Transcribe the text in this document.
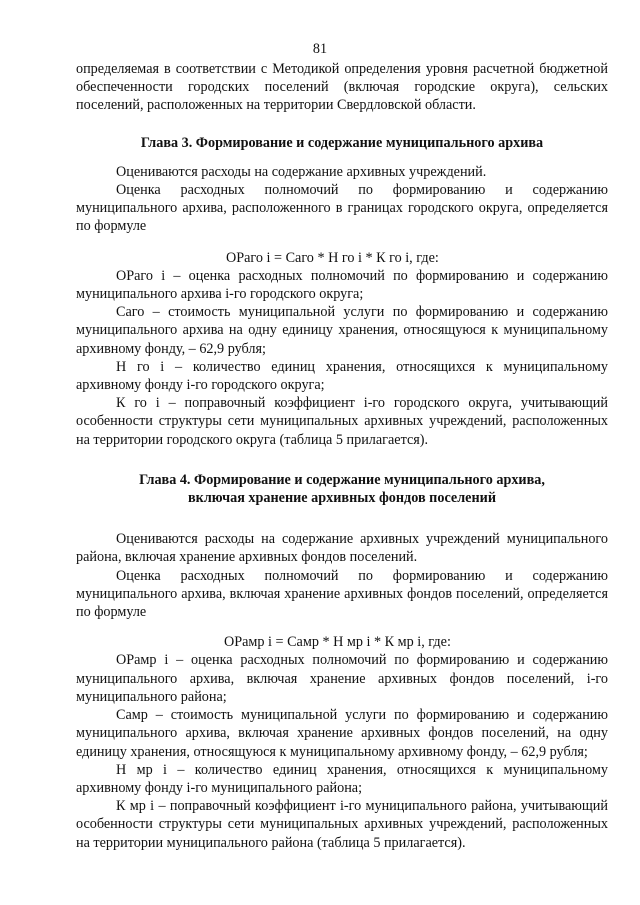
81

определяемая в соответствии с Методикой определения уровня расчетной бюджетной обеспеченности городских поселений (включая городские округа), сельских поселений, расположенных на территории Свердловской области.

Глава 3. Формирование и содержание муниципального архива

Оцениваются расходы на содержание архивных учреждений.

Оценка расходных полномочий по формированию и содержанию муниципального архива, расположенного в границах городского округа, определяется по формуле

ОРаго i = Саго * Н го i * К го i, где:

ОРаго i – оценка расходных полномочий по формированию и содержанию муниципального архива i-го городского округа;

Саго – стоимость муниципальной услуги по формированию и содержанию муниципального архива на одну единицу хранения, относящуюся к муниципальному архивному фонду, – 62,9 рубля;

Н го i – количество единиц хранения, относящихся к муниципальному архивному фонду i-го городского округа;

К го i – поправочный коэффициент i-го городского округа, учитывающий особенности структуры сети муниципальных архивных учреждений, расположенных на территории городского округа (таблица 5 прилагается).

Глава 4. Формирование и содержание муниципального архива,
включая хранение архивных фондов поселений

Оцениваются расходы на содержание архивных учреждений муниципального района, включая хранение архивных фондов поселений.

Оценка расходных полномочий по формированию и содержанию муниципального архива, включая хранение архивных фондов поселений, определяется по формуле

ОРамр i = Самр * Н мр i * К мр i, где:

ОРамр i – оценка расходных полномочий по формированию и содержанию муниципального архива, включая хранение архивных фондов поселений, i-го муниципального района;

Самр – стоимость муниципальной услуги по формированию и содержанию муниципального архива, включая хранение архивных фондов поселений, на одну единицу хранения, относящуюся к муниципальному архивному фонду, – 62,9 рубля;

Н мр i – количество единиц хранения, относящихся к муниципальному архивному фонду i-го муниципального района;

К мр i – поправочный коэффициент i-го муниципального района, учитывающий особенности структуры сети муниципальных архивных учреждений, расположенных на территории муниципального района (таблица 5 прилагается).
